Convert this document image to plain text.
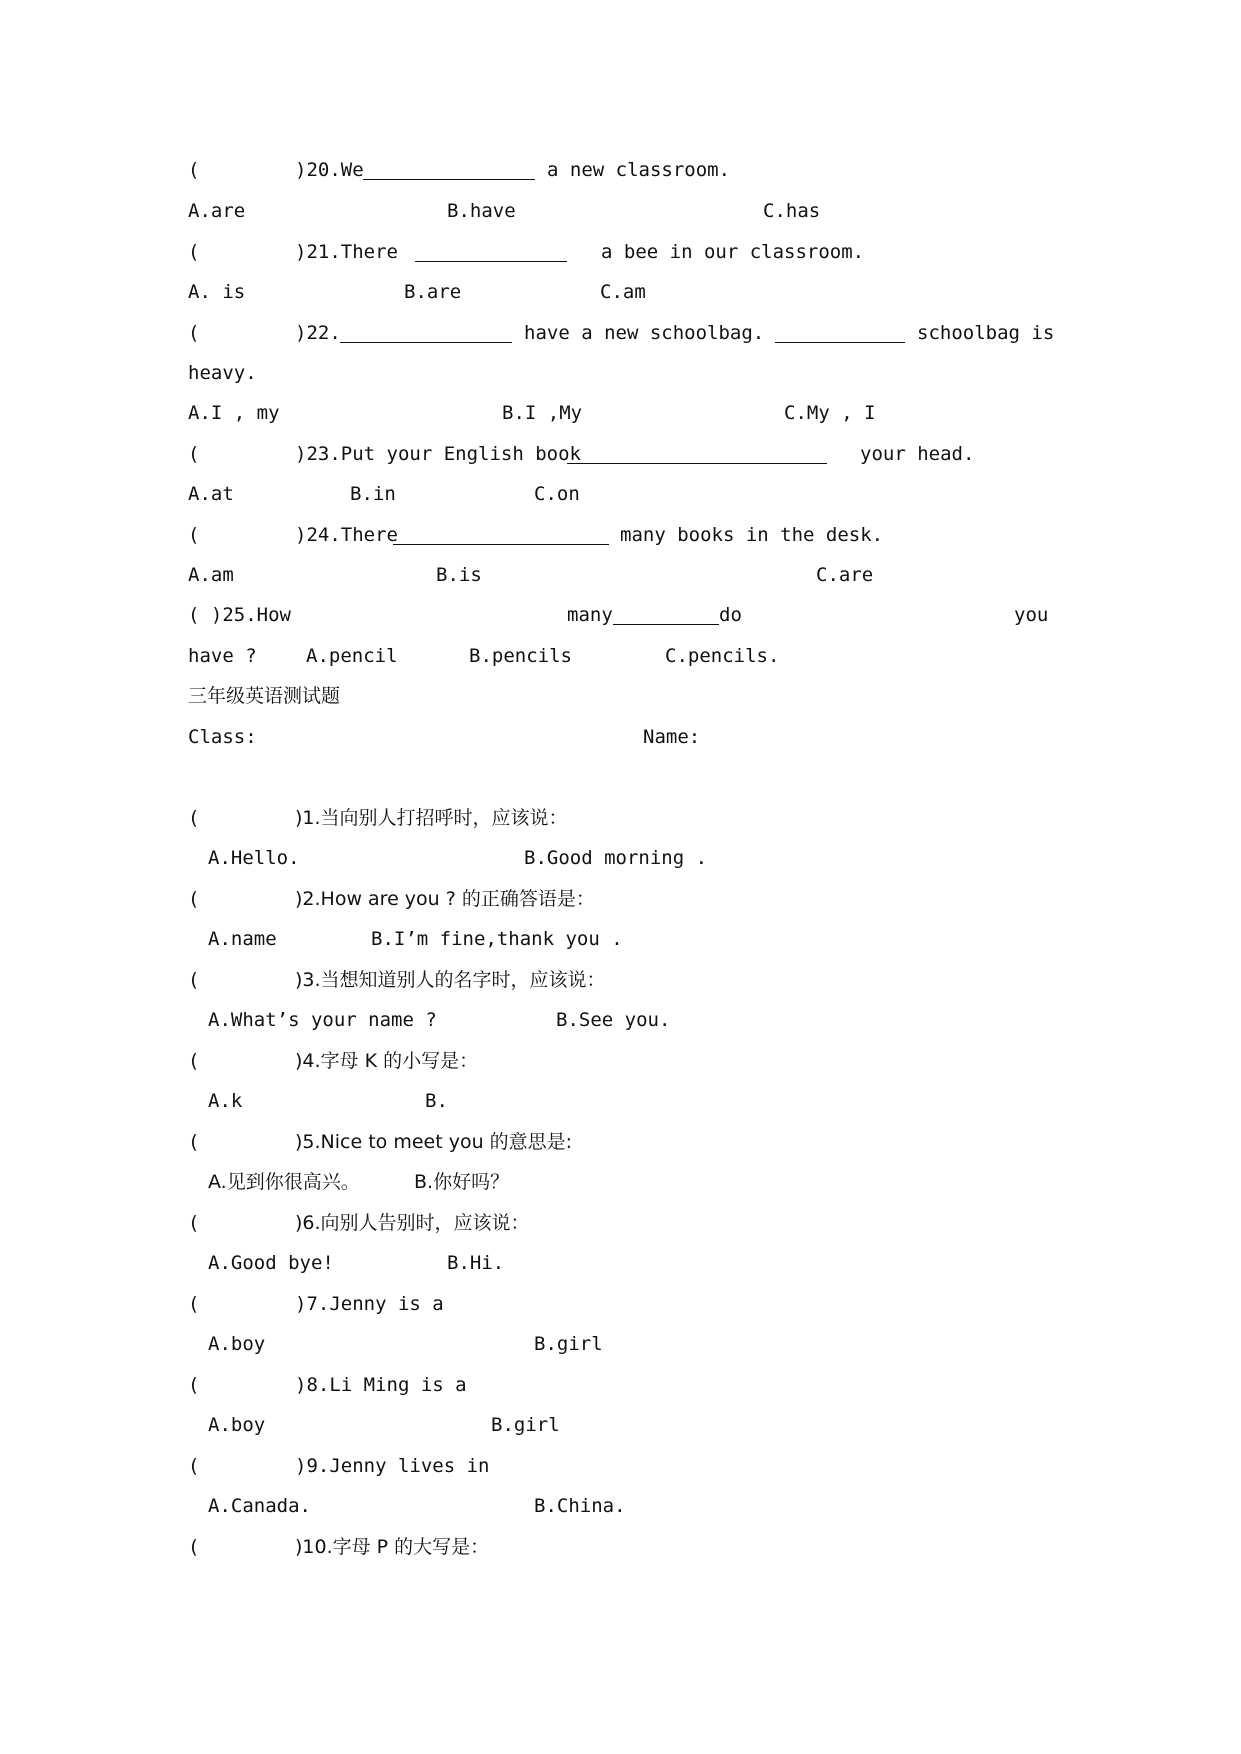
(

	)20.We

	a new classroom.

A.are

	B.have

	C.has

(

	)21.There

	a bee in our classroom.

A. is

	B.are

	C.am

(

	)22.

	have a new schoolbag.

	schoolbag is

heavy.

A.I , my

	B.I ,My

	C.My , I

(

	)23.Put your English book

	your head.

A.at

	B.in

	C.on

(

	)24.There

	many books in the desk.

A.am

	B.is

	C.are

( )25.How

	many

	do

	you

have ?

	A.pencil

	B.pencils

	C.pencils.

三年级英语测试题

Class:

	Name:

(

	)1.当向别人打招呼时，应该说：

A.Hello.

	B.Good morning .

(

	)2.How are you ? 的正确答语是：

A.name

	B.I’m fine,thank you .

(

	)3.当想知道别人的名字时，应该说：

A.What’s your name ?

	B.See you.

(

	)4.字母 K 的小写是：

A.k

	B.

(

	)5.Nice to meet you 的意思是:

A.见到你很高兴。

	B.你好吗？

(

	)6.向别人告别时，应该说：

A.Good bye!

	B.Hi.

(

	)7.Jenny is a

A.boy

	B.girl

(

	)8.Li Ming is a

A.boy

	B.girl

(

	)9.Jenny lives in

A.Canada.

	B.China.

(

	)10.字母 P 的大写是：
